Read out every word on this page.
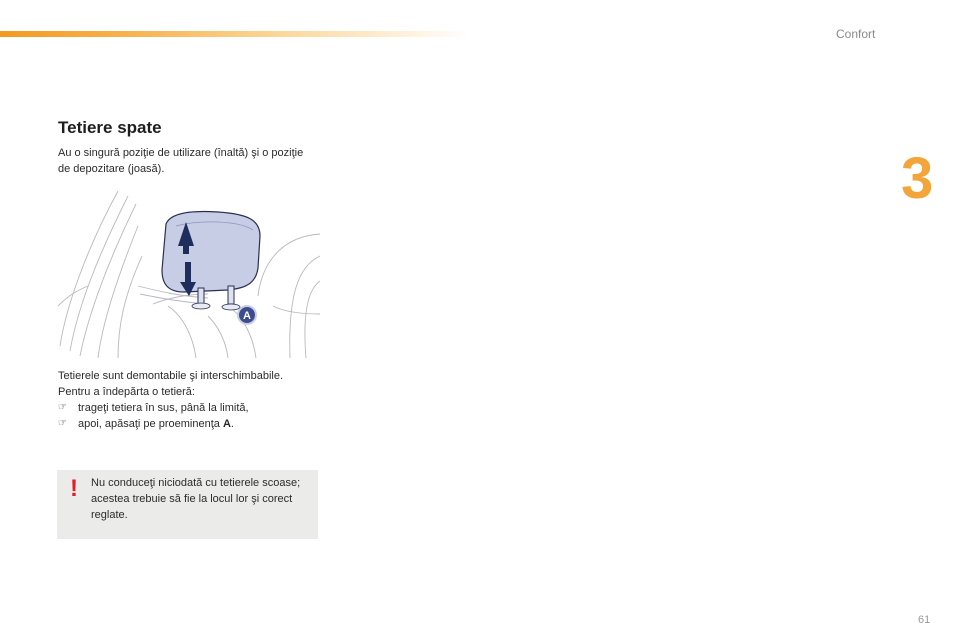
Confort
3
Tetiere spate

Au o singură poziţie de utilizare (înaltă) şi o poziţie de depozitare (joasă).

A

Tetierele sunt demontabile şi interschimbabile.

Pentru a îndepărta o tetieră:

☞ trageţi tetiera în sus, până la limită,
☞ apoi, apăsaţi pe proeminenţa A.
! Nu conduceţi niciodată cu tetierele scoase; acestea trebuie să fie la locul lor şi corect reglate.

61
